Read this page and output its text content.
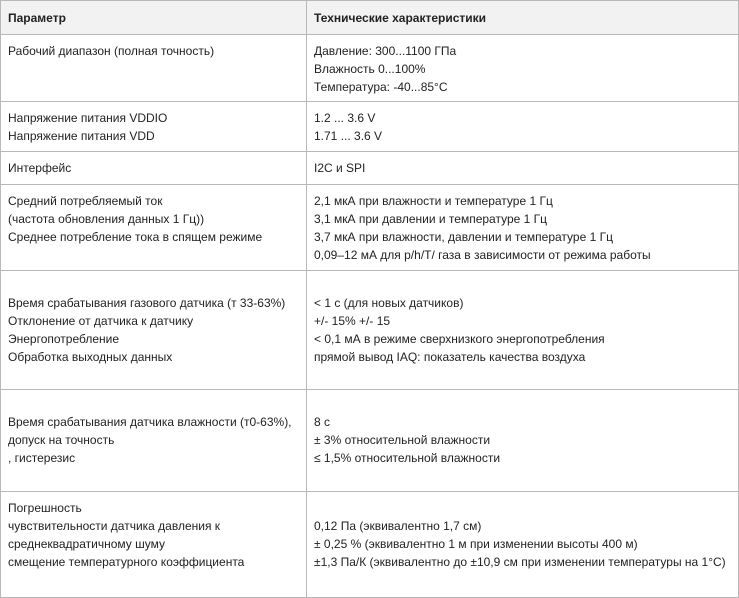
Параметр	Технические характеристики

Рабочий диапазон (полная точность)	Давление: 300...1100 ГПа
Влажность 0...100%
Температура: -40...85°C

Напряжение питания VDDIO
Напряжение питания VDD	1.2 ... 3.6 V
1.71 ... 3.6 V

Интерфейс	I2C и SPI

Средний потребляемый ток
(частота обновления данных 1 Гц))
Среднее потребление тока в спящем режиме	2,1 мкА при влажности и температуре 1 Гц
3,1 мкА при давлении и температуре 1 Гц
3,7 мкА при влажности, давлении и температуре 1 Гц
0,09–12 мА для p/h/T/ газа в зависимости от режима работы

Время срабатывания газового датчика (т 33-63%)
Отклонение от датчика к датчику
Энергопотребление
Обработка выходных данных	< 1 с (для новых датчиков)
+/- 15% +/- 15
< 0,1 мА в режиме сверхнизкого энергопотребления
прямой вывод IAQ: показатель качества воздуха

Время срабатывания датчика влажности (т0-63%),
допуск на точность
, гистерезис	8 с
± 3% относительной влажности
≤ 1,5% относительной влажности

Погрешность
чувствительности датчика давления к среднеквадратичному шуму
смещение температурного коэффициента	0,12 Па (эквивалентно 1,7 см)
± 0,25 % (эквивалентно 1 м при изменении высоты 400 м)
±1,3 Па/К (эквивалентно до ±10,9 см при изменении температуры на 1°C)
